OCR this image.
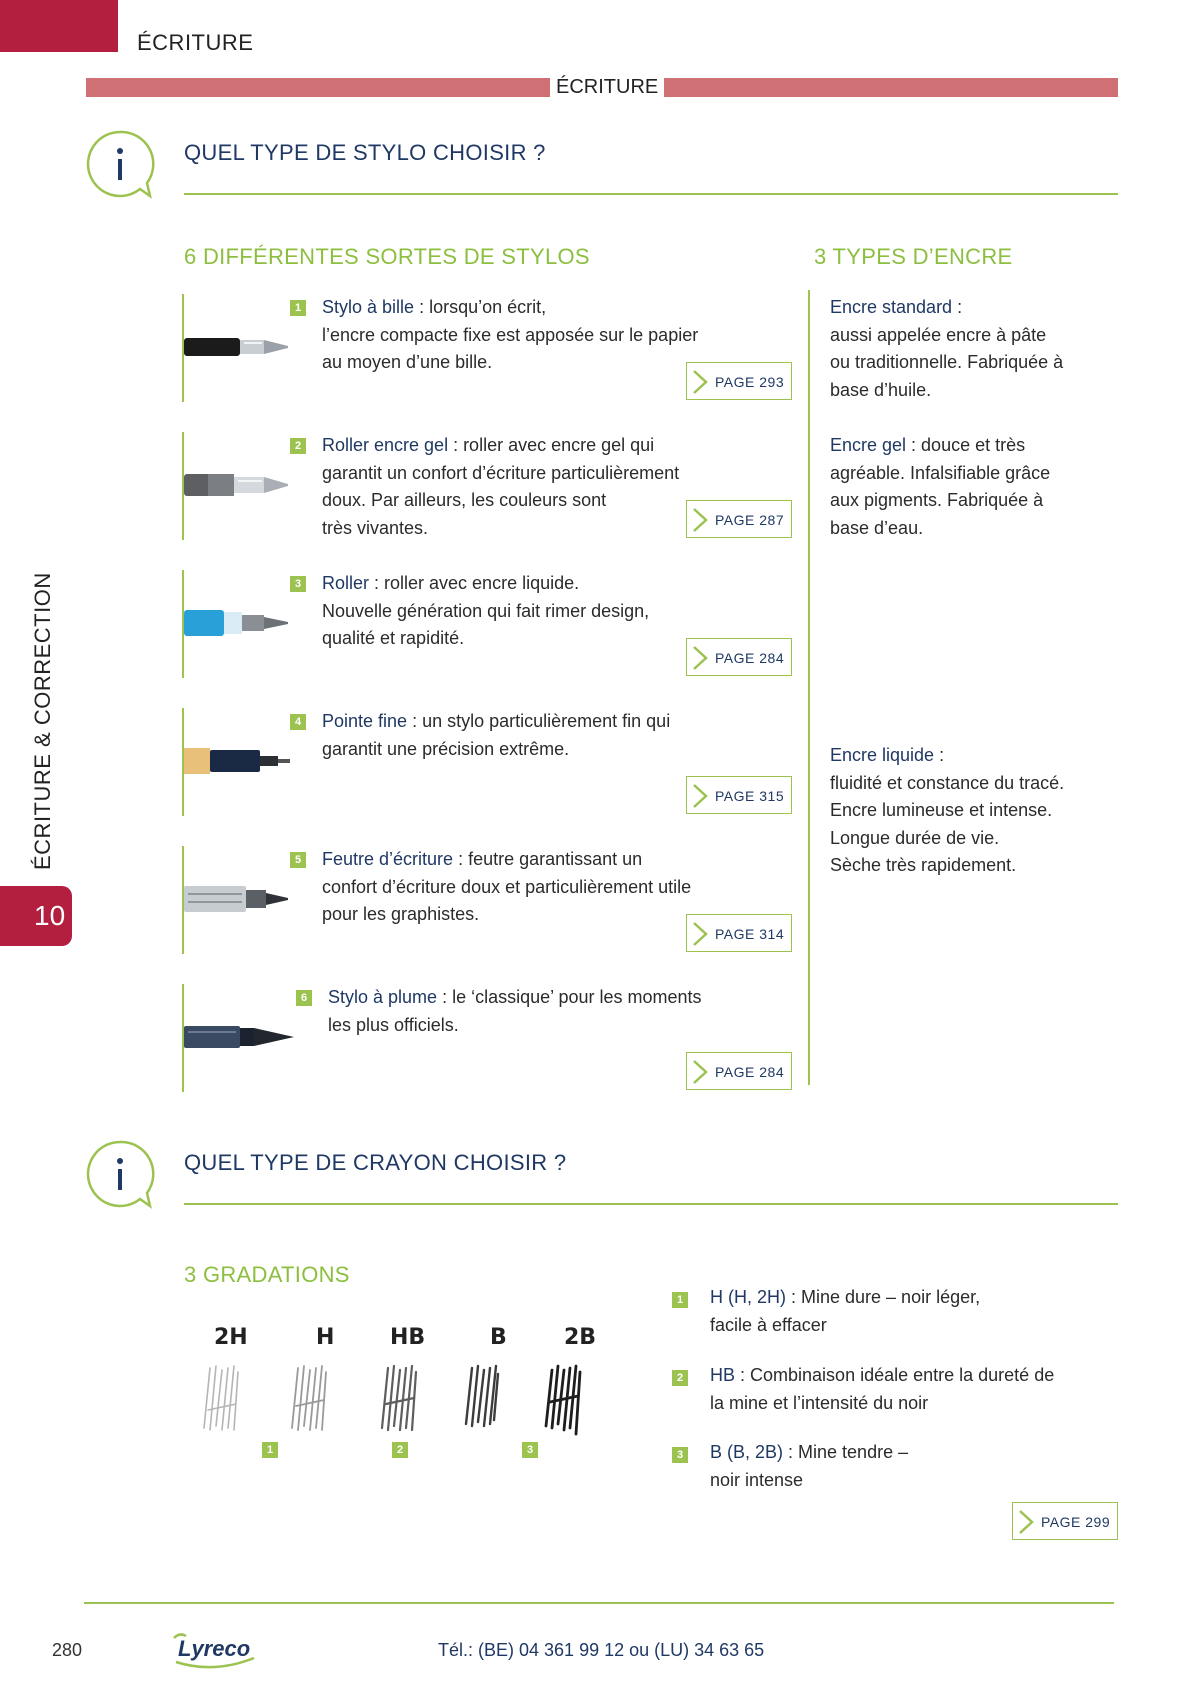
ÉCRITURE
ÉCRITURE
QUEL TYPE DE STYLO CHOISIR ?
6 DIFFÉRENTES SORTES DE STYLOS	3 TYPES D’ENCRE
1 Stylo à bille : lorsqu’on écrit,
l’encre compacte fixe est apposée sur le papier
au moyen d’une bille.
PAGE 293
2 Roller encre gel : roller avec encre gel qui
garantit un confort d’écriture particulièrement
doux. Par ailleurs, les couleurs sont
très vivantes.	PAGE 287
3 Roller : roller avec encre liquide.
Nouvelle génération qui fait rimer design,
qualité et rapidité.
PAGE 284
4 Pointe fine : un stylo particulièrement fin qui
garantit une précision extrême.
PAGE 315
5 Feutre d’écriture : feutre garantissant un
confort d’écriture doux et particulièrement utile
pour les graphistes.
PAGE 314
6 Stylo à plume : le ‘classique’ pour les moments
les plus officiels.
PAGE 284
Encre standard :
aussi appelée encre à pâte
ou traditionnelle. Fabriquée à
base d’huile.
Encre gel : douce et très
agréable. Infalsifiable grâce
aux pigments. Fabriquée à
base d’eau.
Encre liquide :
fluidité et constance du tracé.
Encre lumineuse et intense.
Longue durée de vie.
Sèche très rapidement.
ÉCRITURE & CORRECTION
10
QUEL TYPE DE CRAYON CHOISIR ?
3 GRADATIONS
2H	H	HB	B	2B
1	2	3
1 H (H, 2H) : Mine dure – noir léger,
facile à effacer
2 HB : Combinaison idéale entre la dureté de
la mine et l’intensité du noir
3 B (B, 2B) : Mine tendre –
noir intense
PAGE 299
280	Lyreco	Tél.: (BE) 04 361 99 12 ou (LU) 34 63 65
